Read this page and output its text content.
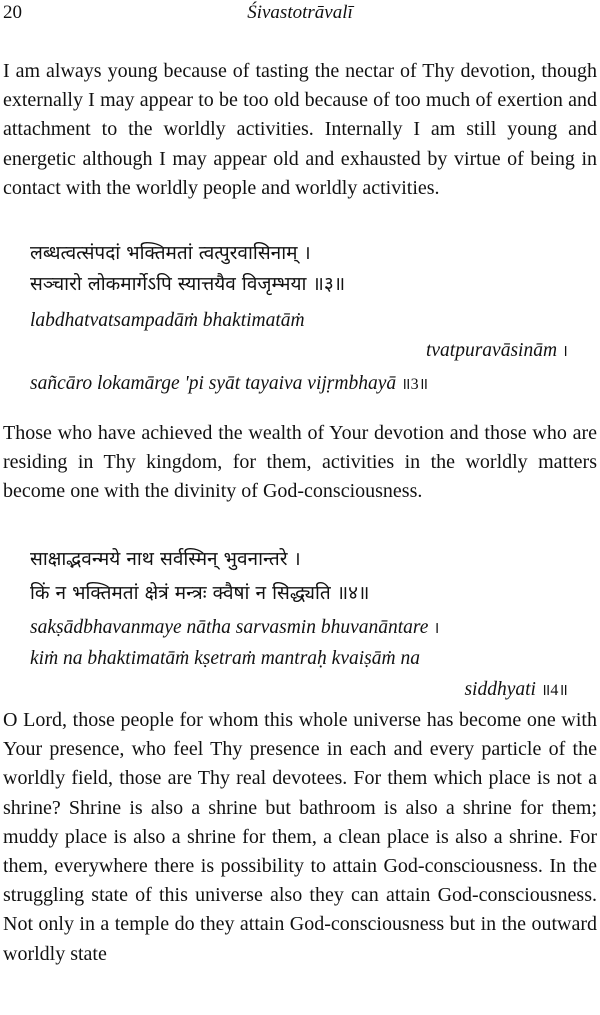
20	Śivastotrāvalī

I am always young because of tasting the nectar of Thy devotion, though externally I may appear to be too old because of too much of exertion and attachment to the worldly activities. Internally I am still young and energetic although I may appear old and exhausted by virtue of being in contact with the worldly people and worldly activities.

लब्धत्वत्संपदां भक्तिमतां त्वत्पुरवासिनाम् ।
सञ्चारो लोकमार्गेऽपि स्यात्तयैव विजृम्भया ॥३॥
labdhatvatsampadāṁ bhaktimatāṁ
tvatpuravāsinām ।
sañcāro lokamārge 'pi syāt tayaiva vijṛmbhayā ॥3॥

Those who have achieved the wealth of Your devotion and those who are residing in Thy kingdom, for them, activities in the worldly matters become one with the divinity of God-consciousness.

साक्षाद्भवन्मये नाथ सर्वस्मिन् भुवनान्तरे ।
किं न भक्तिमतां क्षेत्रं मन्त्रः क्वैषां न सिद्ध्यति ॥४॥
sakṣādbhavanmaye nātha sarvasmin bhuvanāntare ।
kiṁ na bhaktimatāṁ kṣetraṁ mantraḥ kvaiṣāṁ na
siddhyati ॥4॥

O Lord, those people for whom this whole universe has become one with Your presence, who feel Thy presence in each and every particle of the worldly field, those are Thy real devotees. For them which place is not a shrine? Shrine is also a shrine but bathroom is also a shrine for them; muddy place is also a shrine for them, a clean place is also a shrine. For them, everywhere there is possibility to attain God-consciousness. In the struggling state of this universe also they can attain God-consciousness. Not only in a temple do they attain God-consciousness but in the outward worldly state
